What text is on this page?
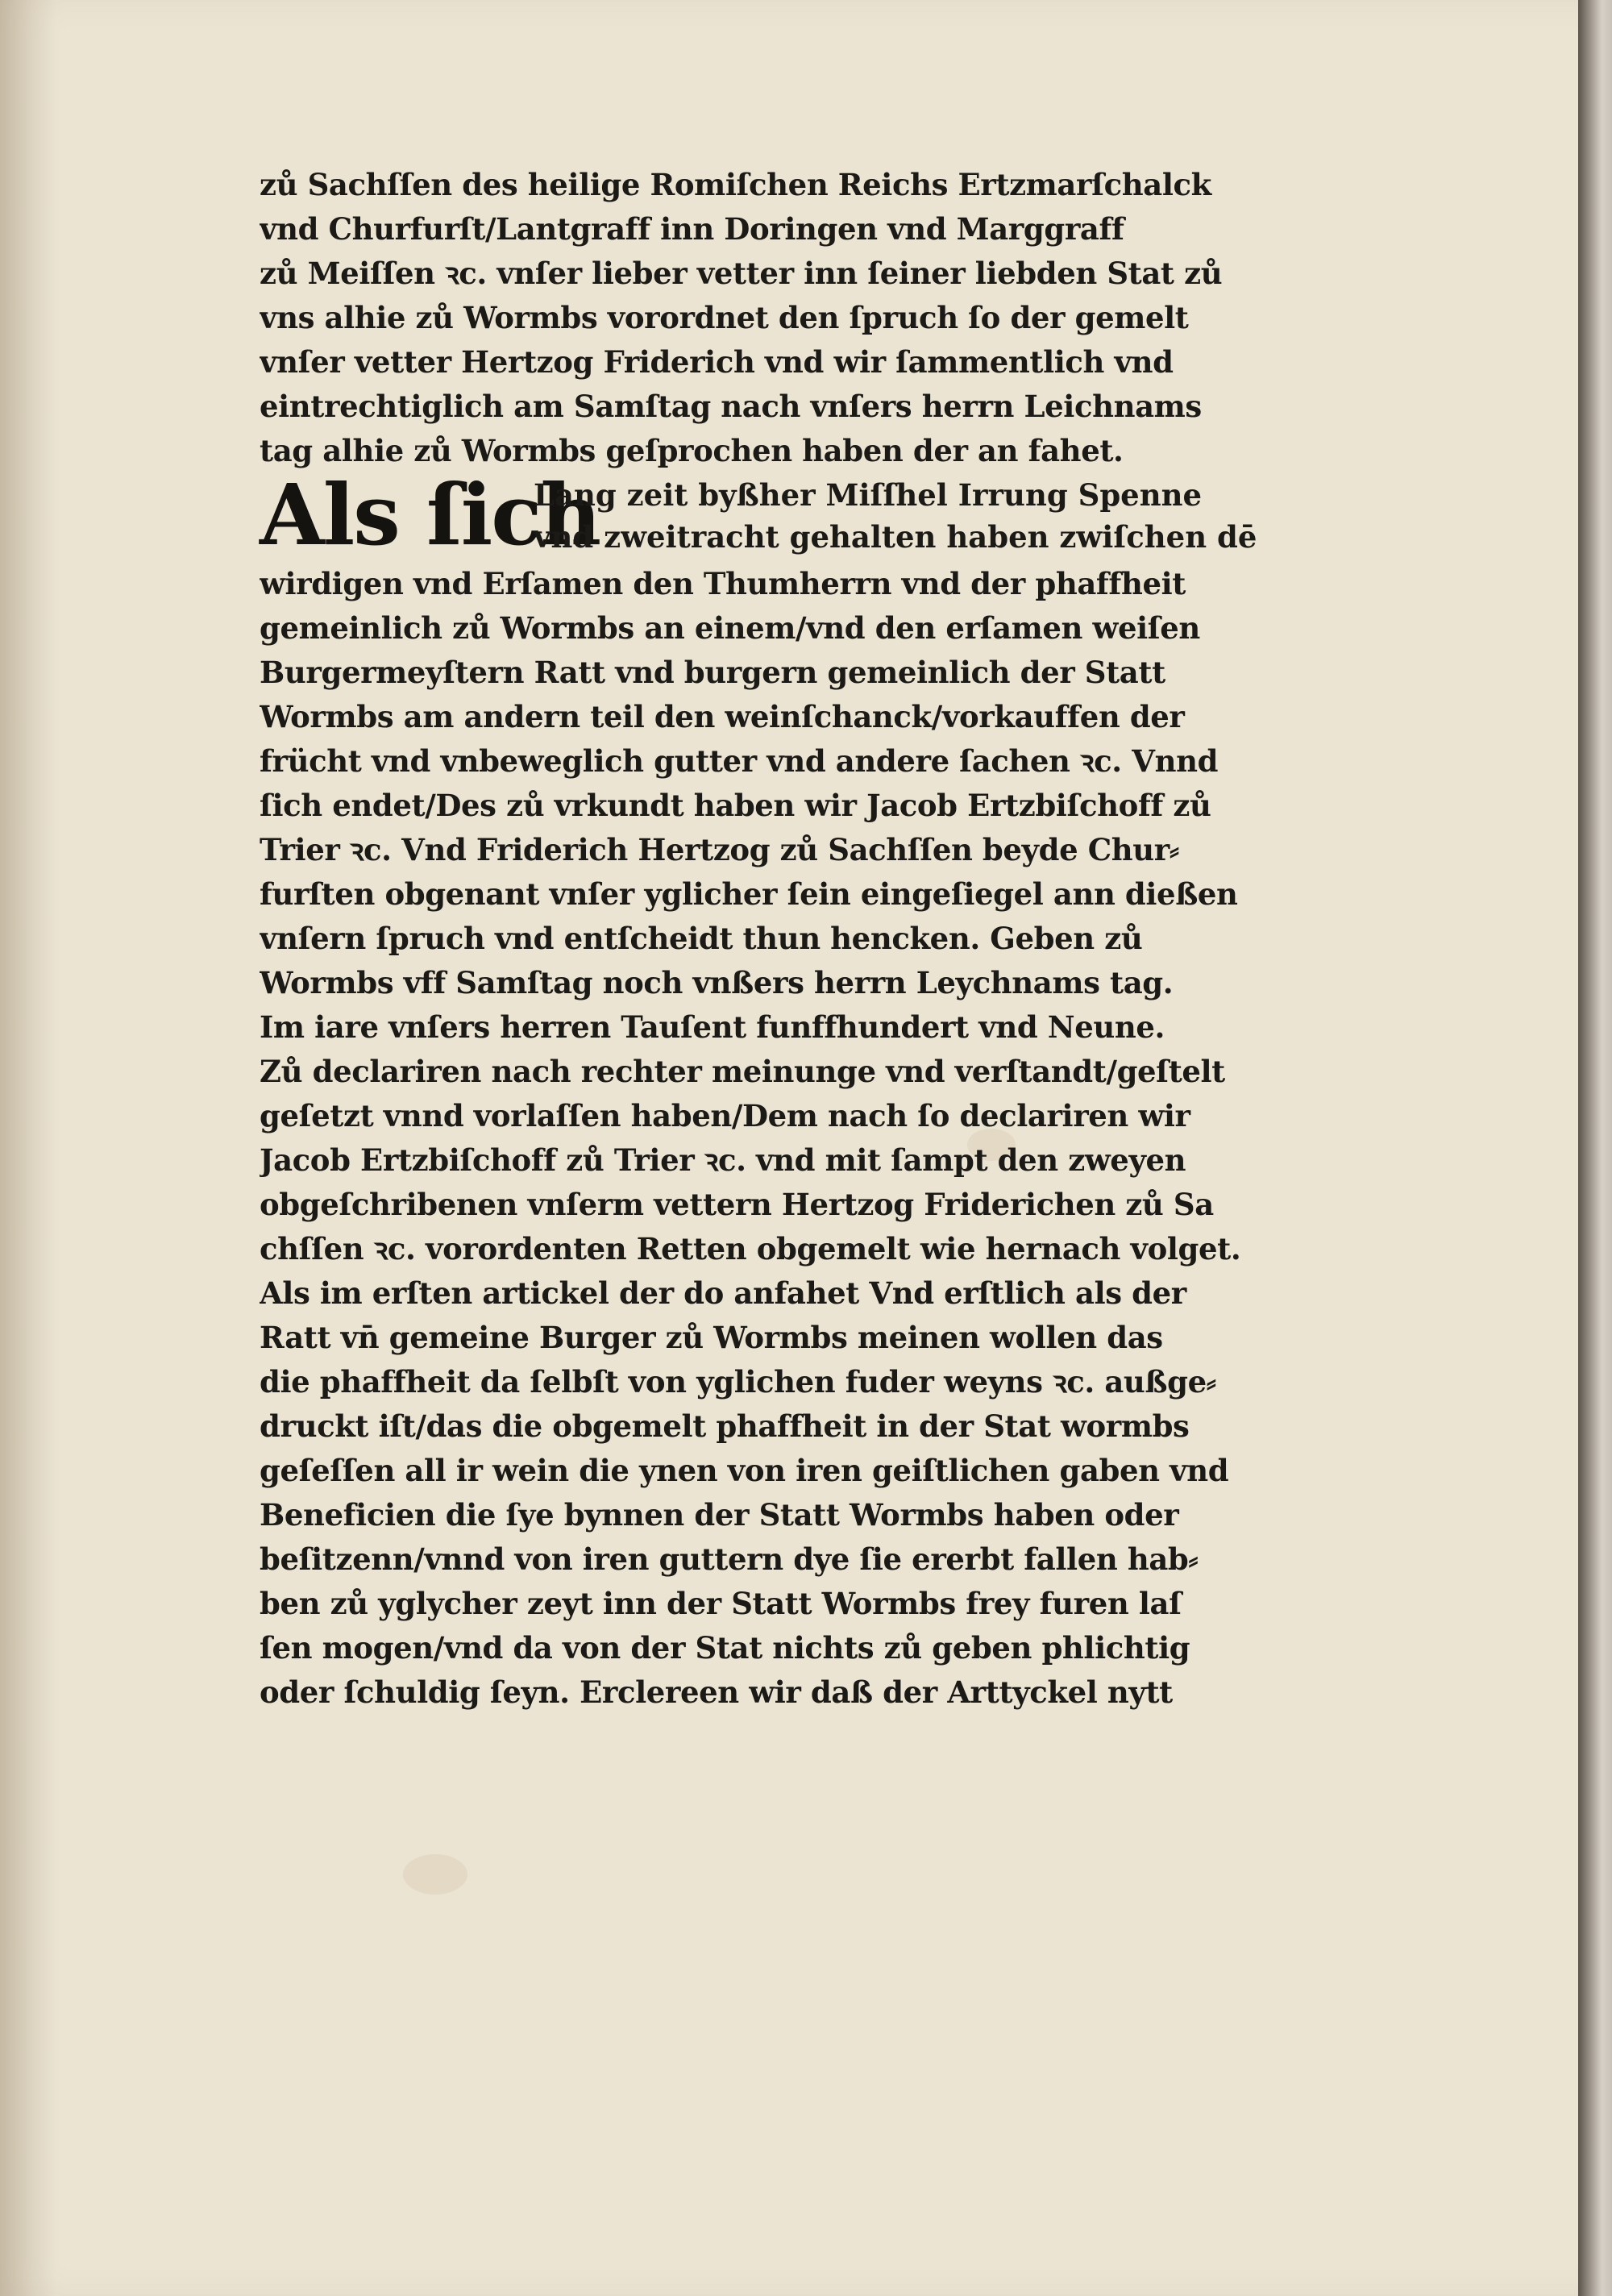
zů Sachſſen des heilige Romiſchen Reichs Ertzmarſchalck
vnd Churfurſt/Lantgraff inn Doringen vnd Marggraff
zů Meiſſen ꝛc. vnſer lieber vetter inn ſeiner liebden Stat zů
vns alhie zů Wormbs vorordnet den ſpruch ſo der gemelt
vnſer vetter Hertzog Friderich vnd wir ſammentlich vnd
eintrechtiglich am Samſtag nach vnſers herrn Leichnams
tag alhie zů Wormbs geſprochen haben der an fahet.
Als ſich
Lang zeit byßher Miſſhel Irrung Spenne
vnd zweitracht gehalten haben zwiſchen dē
wirdigen vnd Erſamen den Thumherrn vnd der phaffheit
gemeinlich zů Wormbs an einem/vnd den erſamen weiſen
Burgermeyſtern Ratt vnd burgern gemeinlich der Statt
Wormbs am andern teil den weinſchanck/vorkauffen der
frücht vnd vnbeweglich gutter vnd andere ſachen ꝛc. Vnnd
ſich endet/Des zů vrkundt haben wir Jacob Ertzbiſchoff zů
Trier ꝛc. Vnd Friderich Hertzog zů Sachſſen beyde Chur⸗
furſten obgenant vnſer yglicher ſein eingeſiegel ann dießen
vnſern ſpruch vnd entſcheidt thun hencken. Geben zů
Wormbs vff Samſtag noch vnßers herrn Leychnams tag.
Im iare vnſers herren Tauſent funffhundert vnd Neune.
Zů declariren nach rechter meinunge vnd verſtandt/geſtelt
geſetzt vnnd vorlaſſen haben/Dem nach ſo declariren wir
Jacob Ertzbiſchoff zů Trier ꝛc. vnd mit ſampt den zweyen
obgeſchribenen vnſerm vettern Hertzog Friderichen zů Sa
chſſen ꝛc. vorordenten Retten obgemelt wie hernach volget.
Als im erſten artickel der do anfahet Vnd erſtlich als der
Ratt vn̄ gemeine Burger zů Wormbs meinen wollen das
die phaffheit da ſelbſt von yglichen fuder weyns ꝛc. außge⸗
druckt iſt/das die obgemelt phaffheit in der Stat wormbs
geſeſſen all ir wein die ynen von iren geiſtlichen gaben vnd
Beneficien die ſye bynnen der Statt Wormbs haben oder
beſitzenn/vnnd von iren guttern dye ſie ererbt fallen hab⸗
ben zů yglycher zeyt inn der Statt Wormbs frey furen laſ
ſen mogen/vnd da von der Stat nichts zů geben phlichtig
oder ſchuldig ſeyn. Erclereen wir daß der Arttyckel nytt
